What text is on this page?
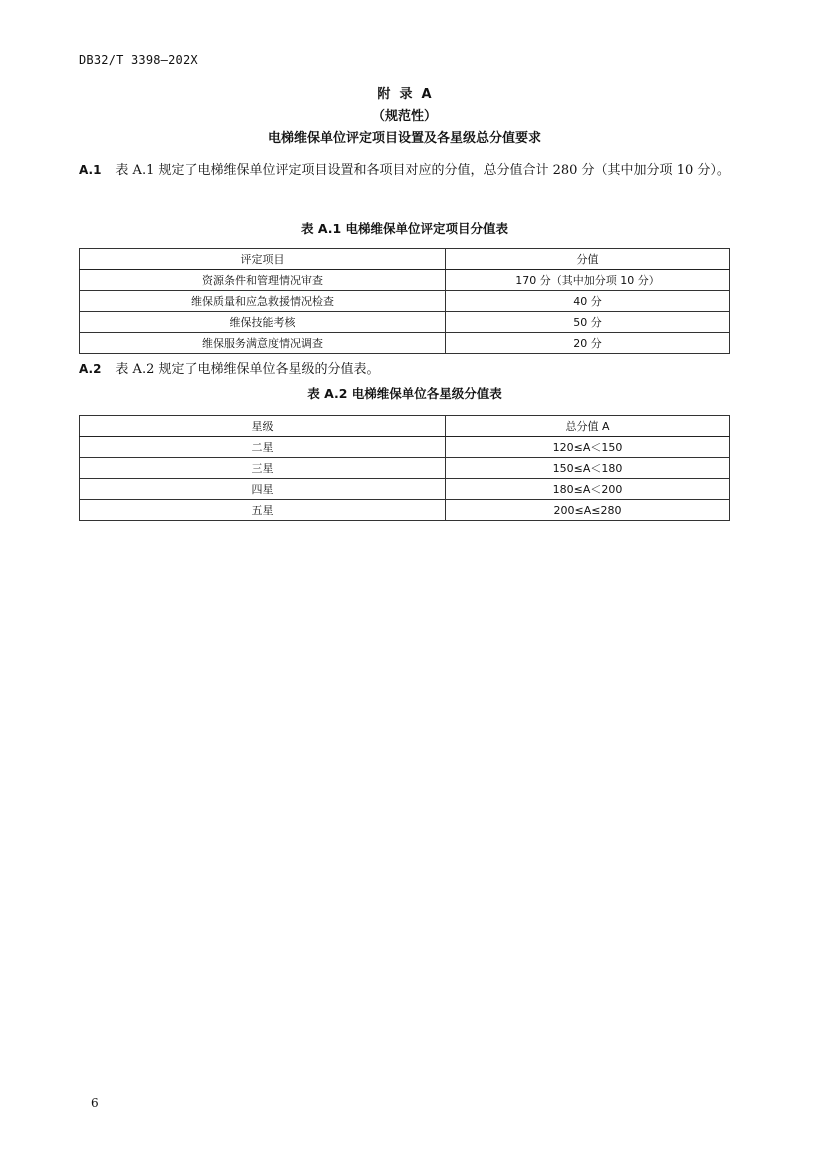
DB32/T 3398—202X
附  录  A
（规范性）
电梯维保单位评定项目设置及各星级总分值要求
A.1 表 A.1 规定了电梯维保单位评定项目设置和各项目对应的分值，总分值合计 280 分（其中加分项 10 分）。
表 A.1 电梯维保单位评定项目分值表
评定项目	分值
资源条件和管理情况审查	170 分（其中加分项 10 分）
维保质量和应急救援情况检查	40 分
维保技能考核	50 分
维保服务满意度情况调查	20 分
A.2 表 A.2 规定了电梯维保单位各星级的分值表。
表 A.2 电梯维保单位各星级分值表
星级	总分值 A
二星	120≤A＜150
三星	150≤A＜180
四星	180≤A＜200
五星	200≤A≤280
6
